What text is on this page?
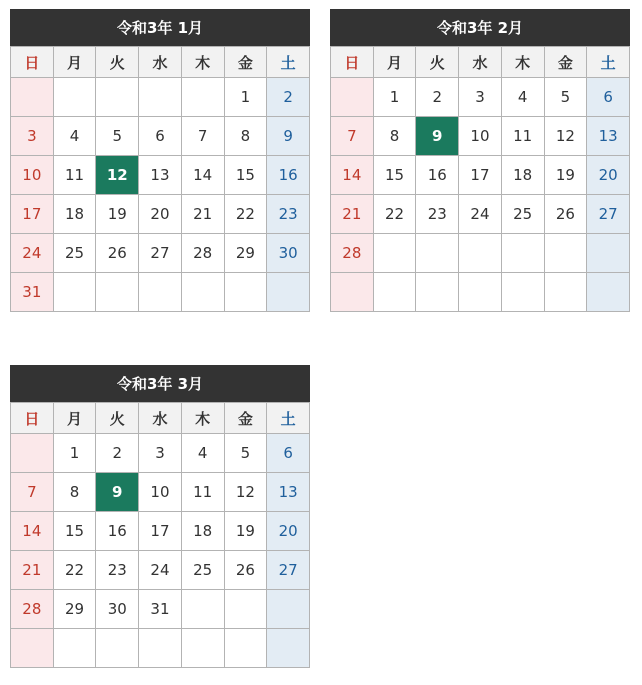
令和3年 1月
日	月	火	水	木	金	土
					1	2
3	4	5	6	7	8	9
10	11	12	13	14	15	16
17	18	19	20	21	22	23
24	25	26	27	28	29	30
31						
令和3年 2月
日	月	火	水	木	金	土
	1	2	3	4	5	6
7	8	9	10	11	12	13
14	15	16	17	18	19	20
21	22	23	24	25	26	27
28						

令和3年 3月
日	月	火	水	木	金	土
	1	2	3	4	5	6
7	8	9	10	11	12	13
14	15	16	17	18	19	20
21	22	23	24	25	26	27
28	29	30	31			
